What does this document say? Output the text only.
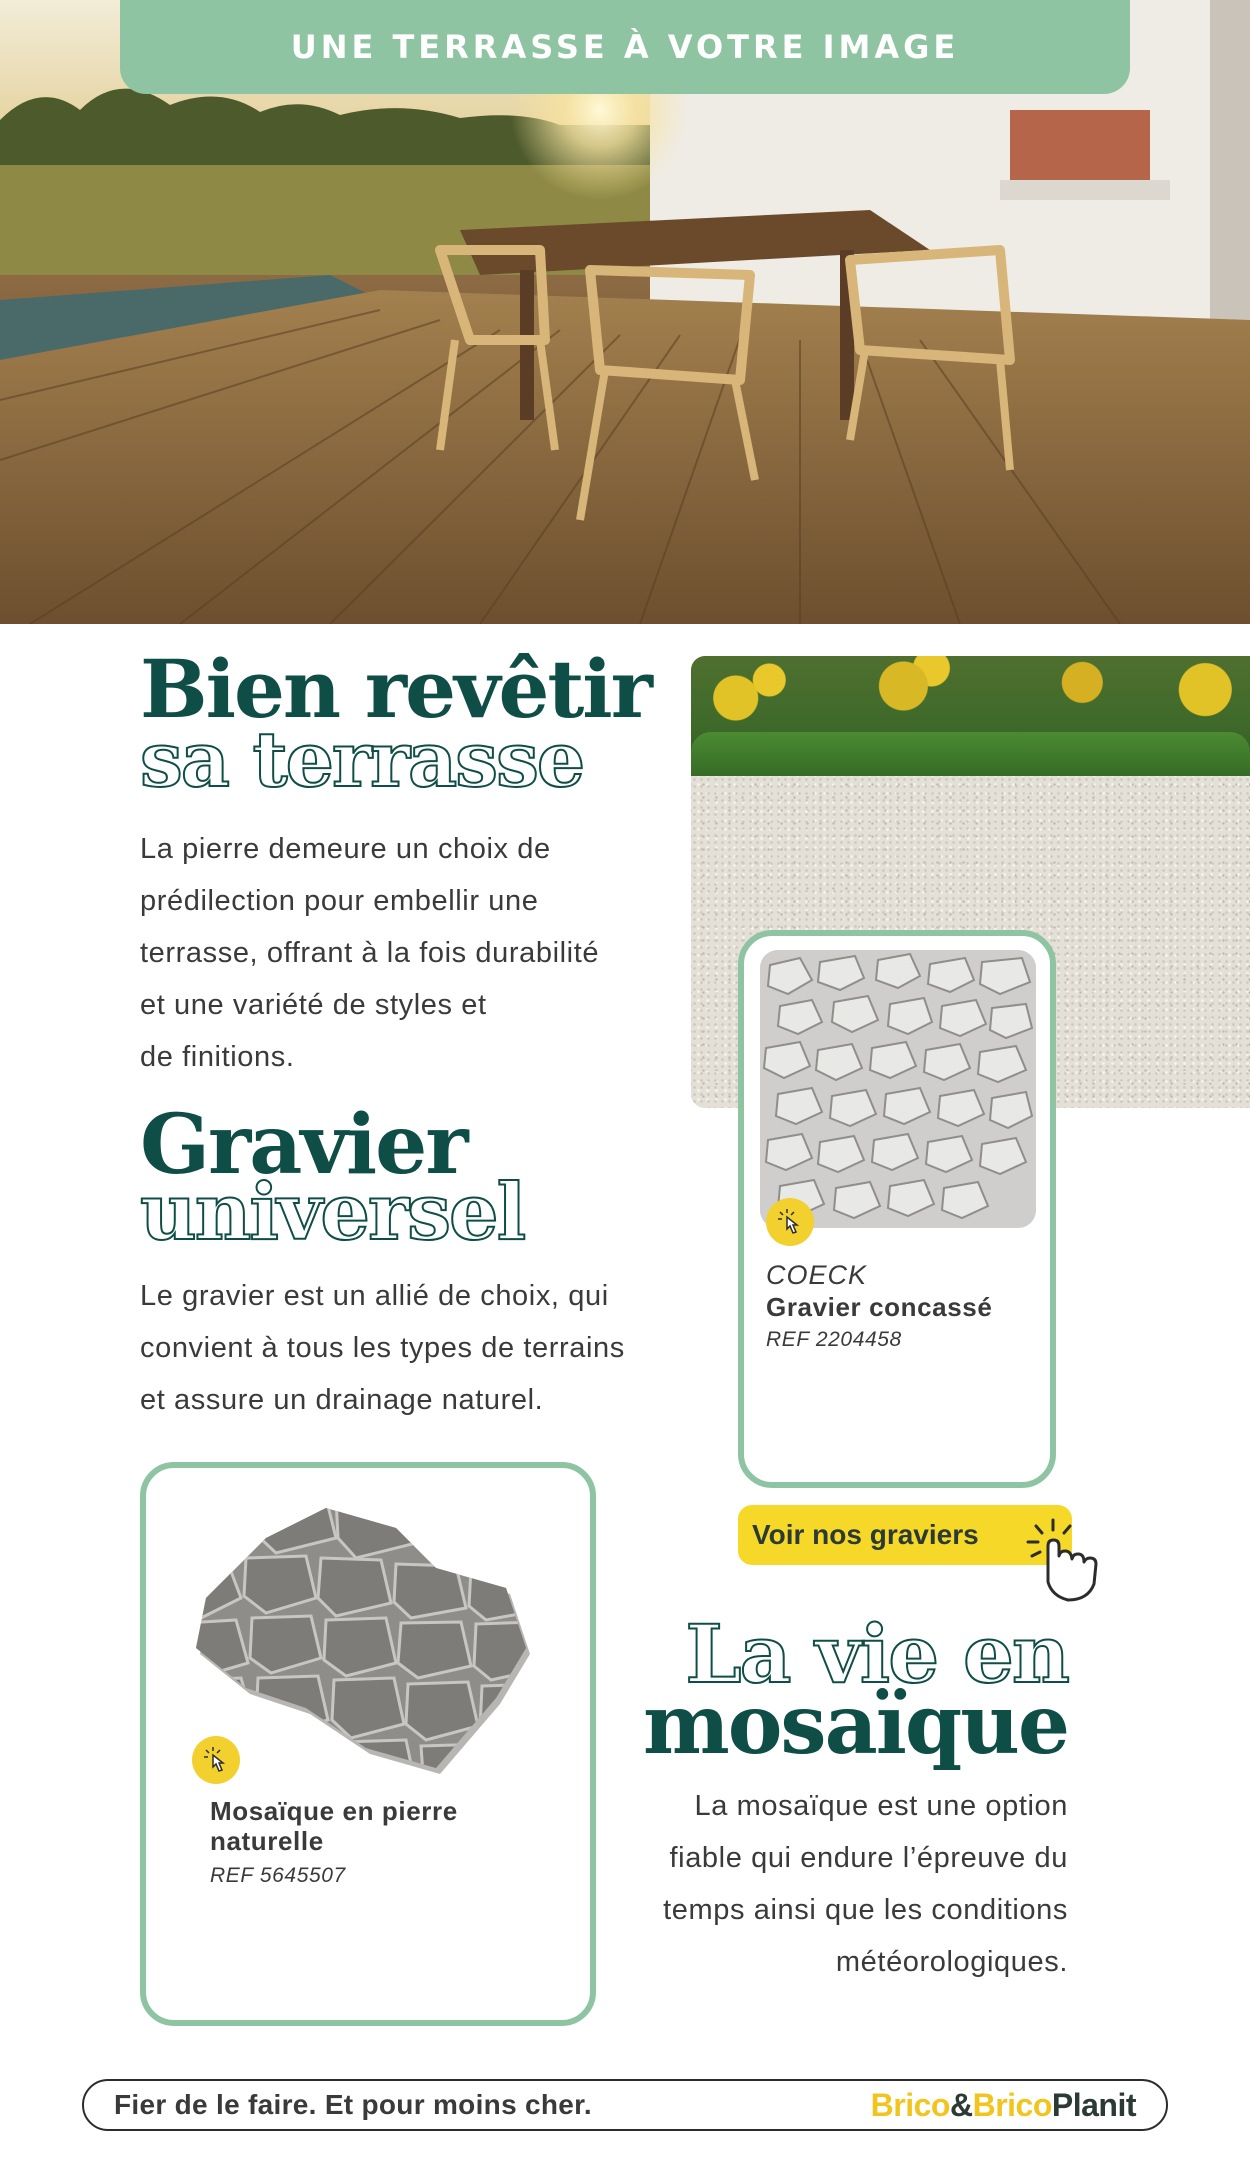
UNE TERRASSE À VOTRE IMAGE
Bien revêtir
sa terrasse
La pierre demeure un choix de
prédilection pour embellir une
terrasse, offrant à la fois durabilité
et une variété de styles et
de finitions.
Gravier
universel
Le gravier est un allié de choix, qui
convient à tous les types de terrains
et assure un drainage naturel.
COECK
Gravier concassé
REF 2204458
Voir nos graviers
La vie en
mosaïque
La mosaïque est une option
fiable qui endure l’épreuve du
temps ainsi que les conditions
météorologiques.
Mosaïque en pierre
naturelle
REF 5645507
Fier de le faire. Et pour moins cher.	Brico&BricoPlanit
